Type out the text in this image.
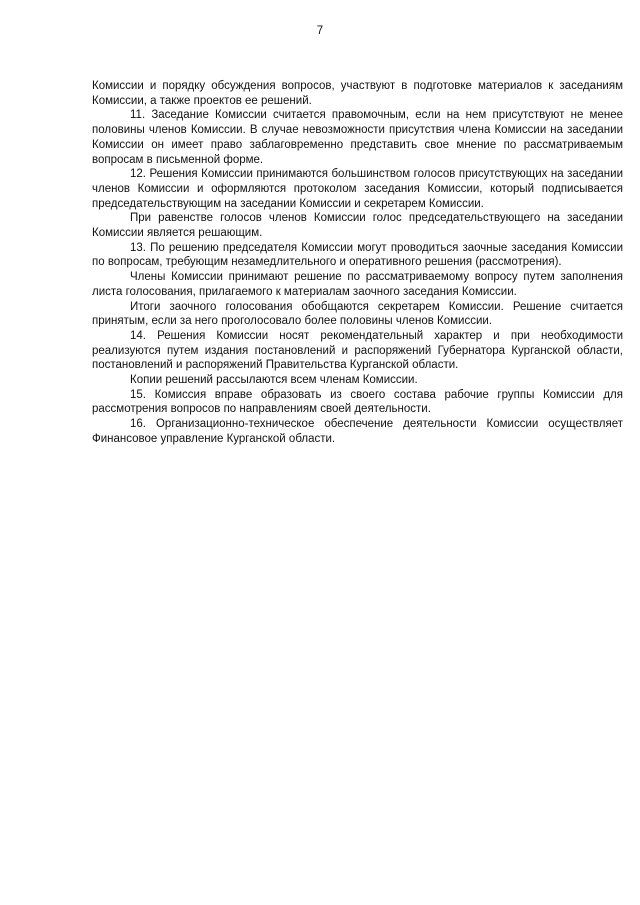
7

Комиссии и порядку обсуждения вопросов, участвуют в подготовке материалов к заседаниям Комиссии, а также проектов ее решений.

11. Заседание Комиссии считается правомочным, если на нем присутствуют не менее половины членов Комиссии. В случае невозможности присутствия члена Комиссии на заседании Комиссии он имеет право заблаговременно представить свое мнение по рассматриваемым вопросам в письменной форме.

12. Решения Комиссии принимаются большинством голосов присутствующих на заседании членов Комиссии и оформляются протоколом заседания Комиссии, который подписывается председательствующим на заседании Комиссии и секретарем Комиссии.

При равенстве голосов членов Комиссии голос председательствующего на заседании Комиссии является решающим.

13. По решению председателя Комиссии могут проводиться заочные заседания Комиссии по вопросам, требующим незамедлительного и оперативного решения (рассмотрения).

Члены Комиссии принимают решение по рассматриваемому вопросу путем заполнения листа голосования, прилагаемого к материалам заочного заседания Комиссии.

Итоги заочного голосования обобщаются секретарем Комиссии. Решение считается принятым, если за него проголосовало более половины членов Комиссии.

14. Решения Комиссии носят рекомендательный характер и при необходимости реализуются путем издания постановлений и распоряжений Губернатора Курганской области, постановлений и распоряжений Правительства Курганской области.

Копии решений рассылаются всем членам Комиссии.

15. Комиссия вправе образовать из своего состава рабочие группы Комиссии для рассмотрения вопросов по направлениям своей деятельности.

16. Организационно-техническое обеспечение деятельности Комиссии осуществляет Финансовое управление Курганской области.
